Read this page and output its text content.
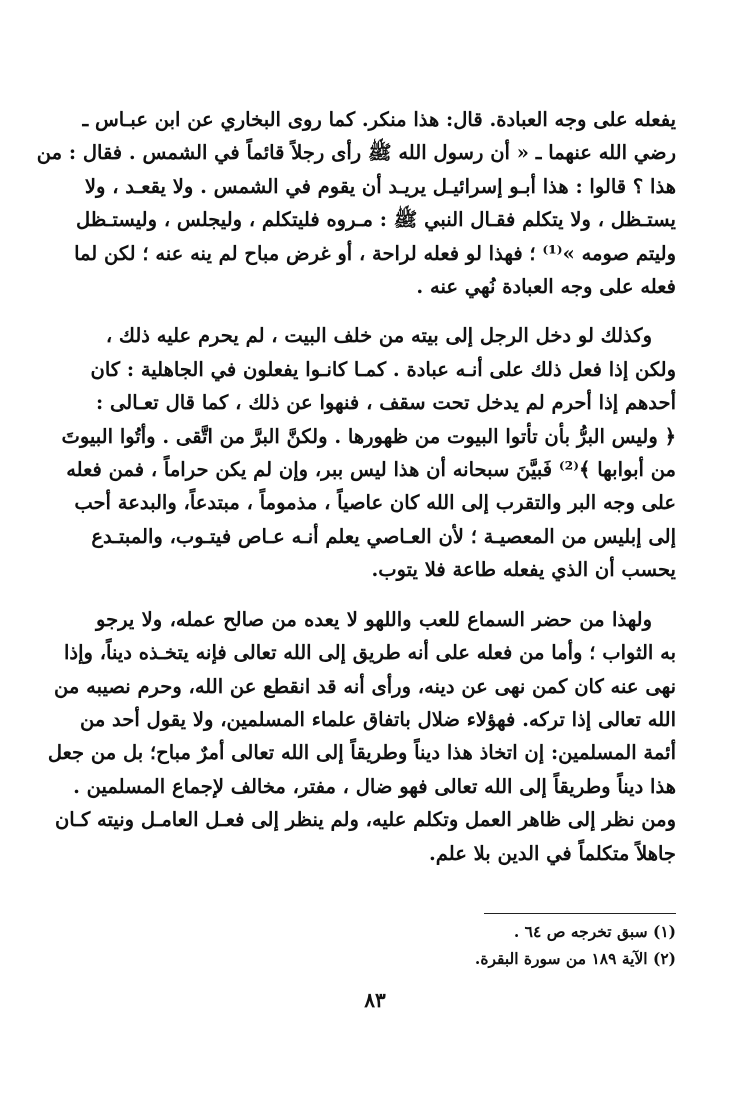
يفعله على وجه العبادة. قال: هذا منكر. كما روى البخاري عن ابن عبـاس ـ
رضي الله عنهما ـ « أن رسول الله ﷺ رأى رجلاً قائماً في الشمس . فقال : من
هذا ؟ قالوا : هذا أبـو إسرائيـل يريـد أن يقوم في الشمس . ولا يقعـد ، ولا
يستـظل ، ولا يتكلم فقـال النبي ﷺ : مـروه فليتكلم ، وليجلس ، وليستـظل
وليتم صومه »⁽¹⁾ ؛ فهذا لو فعله لراحة ، أو غرض مباح لم ينه عنه ؛ لكن لما
فعله على وجه العبادة نُهي عنه .

وكذلك لو دخل الرجل إلى بيته من خلف البيت ، لم يحرم عليه ذلك ،
ولكن إذا فعل ذلك على أنـه عبادة . كمـا كانـوا يفعلون في الجاهلية : كان
أحدهم إذا أحرم لم يدخل تحت سقف ، فنهوا عن ذلك ، كما قال تعـالى :
﴿ وليس البرُّ بأن تأتوا البيوت من ظهورها . ولكنَّ البرَّ من اتَّقى . وأتُوا البيوتَ
من أبوابها ﴾⁽²⁾ فَبيَّنَ سبحانه أن هذا ليس ببر، وإن لم يكن حراماً ، فمن فعله
على وجه البر والتقرب إلى الله كان عاصياً ، مذموماً ، مبتدعاً، والبدعة أحب
إلى إبليس من المعصيـة ؛ لأن العـاصي يعلم أنـه عـاص فيتـوب، والمبتـدع
يحسب أن الذي يفعله طاعة فلا يتوب.

ولهذا من حضر السماع للعب واللهو لا يعده من صالح عمله، ولا يرجو
به الثواب ؛ وأما من فعله على أنه طريق إلى الله تعالى فإنه يتخـذه ديناً، وإذا
نهى عنه كان كمن نهى عن دينه، ورأى أنه قد انقطع عن الله، وحرم نصيبه من
الله تعالى إذا تركه. فهؤلاء ضلال باتفاق علماء المسلمين، ولا يقول أحد من
أئمة المسلمين: إن اتخاذ هذا ديناً وطريقاً إلى الله تعالى أمرٌ مباح؛ بل من جعل
هذا ديناً وطريقاً إلى الله تعالى فهو ضال ، مفتر، مخالف لإجماع المسلمين .
ومن نظر إلى ظاهر العمل وتكلم عليه، ولم ينظر إلى فعـل العامـل ونيته كـان
جاهلاً متكلماً في الدين بلا علم.

(١) سبق تخرجه ص ٦٤ .
(٢) الآية ١٨٩ من سورة البقرة.
٨٣
